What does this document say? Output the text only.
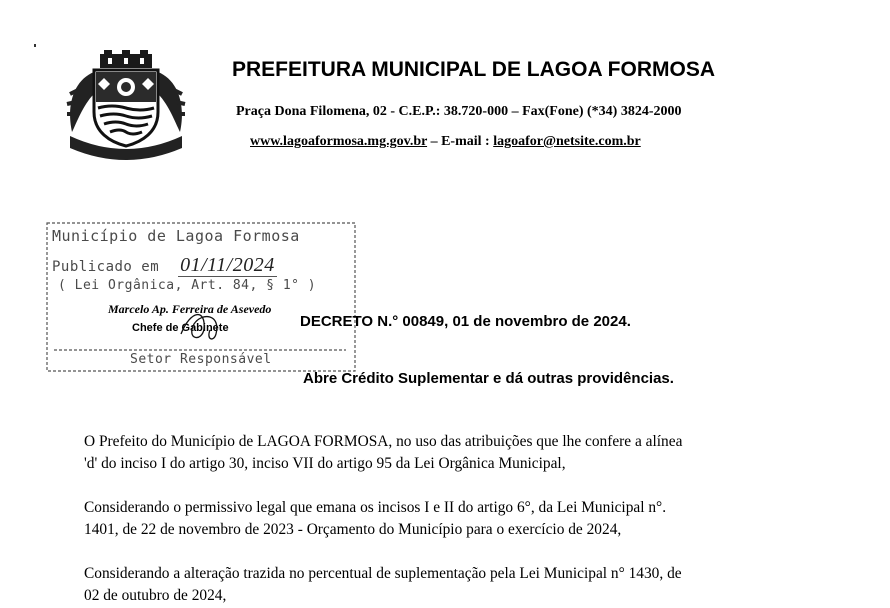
PREFEITURA MUNICIPAL DE LAGOA FORMOSA
Praça Dona Filomena, 02 - C.E.P.: 38.720-000 – Fax(Fone) (*34) 3824-2000
www.lagoaformosa.mg.gov.br – E-mail : lagoafor@netsite.com.br
Município de Lagoa Formosa
Publicado em 01/11/2024
( Lei Orgânica, Art. 84, § 1° )
Marcelo Ap. Ferreira de Asevedo
Chefe de Gabinete
Setor Responsável
DECRETO N.° 00849, 01 de novembro de 2024.
Abre Crédito Suplementar e dá outras providências.
O Prefeito do Município de LAGOA FORMOSA, no uso das atribuições que lhe confere a alínea
'd' do inciso I do artigo 30, inciso VII do artigo 95 da Lei Orgânica Municipal,
Considerando o permissivo legal que emana os incisos I e II do artigo 6°, da Lei Municipal n°.
1401, de 22 de novembro de 2023 - Orçamento do Município para o exercício de 2024,
Considerando a alteração trazida no percentual de suplementação pela Lei Municipal n° 1430, de
02 de outubro de 2024,
